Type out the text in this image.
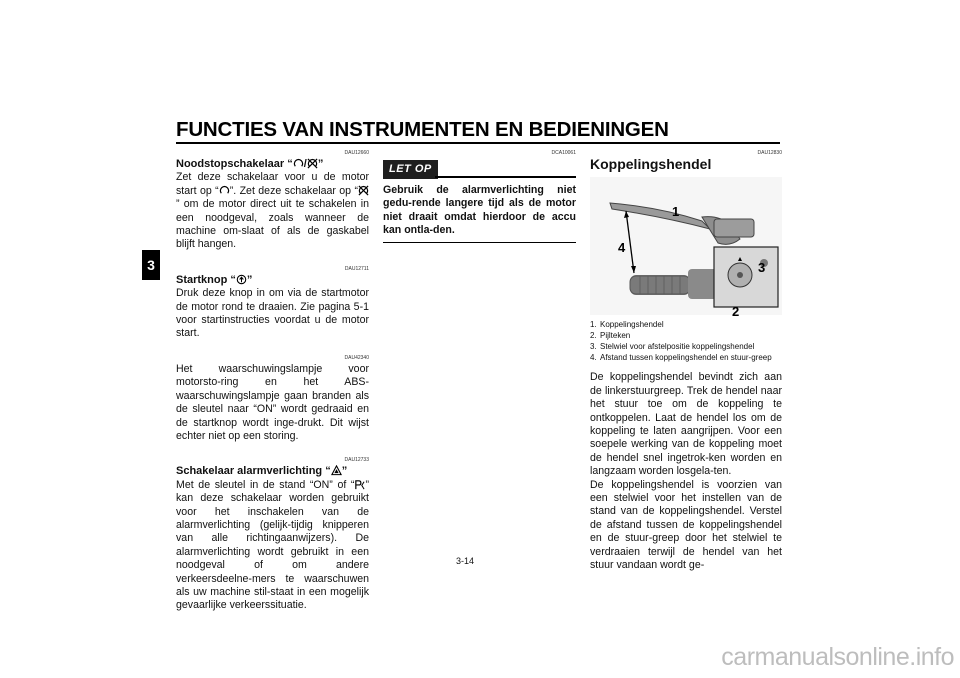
FUNCTIES VAN INSTRUMENTEN EN BEDIENINGEN
3
DAU12660
Noodstopschakelaar “ / ”
Zet deze schakelaar voor u de motor start op “ ”. Zet deze schakelaar op “” om de motor direct uit te schakelen in een noodgeval, zoals wanneer de machine om-slaat of als de gaskabel blijft hangen.
DAU12711
Startknop “ ”
Druk deze knop in om via de startmotor de motor rond te draaien. Zie pagina 5-1 voor startinstructies voordat u de motor start.
DAU42340
Het waarschuwingslampje voor motorsto-ring en het ABS-waarschuwingslampje gaan branden als de sleutel naar “ON” wordt gedraaid en de startknop wordt inge-drukt. Dit wijst echter niet op een storing.
DAU12733
Schakelaar alarmverlichting “ ”
Met de sleutel in de stand “ON” of “ ” kan deze schakelaar worden gebruikt voor het inschakelen van de alarmverlichting (gelijk-tijdig knipperen van alle richtingaanwijzers). De alarmverlichting wordt gebruikt in een noodgeval of om andere verkeersdeelne-mers te waarschuwen als uw machine stil-staat in een mogelijk gevaarlijke verkeerssituatie.
DCA10061
LET OP
Gebruik de alarmverlichting niet gedu-rende langere tijd als de motor niet draait omdat hierdoor de accu kan ontla-den.
DAU12830
Koppelingshendel
1
2
3
4
1. Koppelingshendel
2. Pijlteken
3. Stelwiel voor afstelpositie koppelingshendel
4. Afstand tussen koppelingshendel en stuur-greep
De koppelingshendel bevindt zich aan de linkerstuurgreep. Trek de hendel naar het stuur toe om de koppeling te ontkoppelen. Laat de hendel los om de koppeling te laten aangrijpen. Voor een soepele werking van de koppeling moet de hendel snel ingetrok-ken worden en langzaam worden losgela-ten.
De koppelingshendel is voorzien van een stelwiel voor het instellen van de stand van de koppelingshendel. Verstel de afstand tussen de koppelingshendel en de stuur-greep door het stelwiel te verdraaien terwijl de hendel van het stuur vandaan wordt ge-
3-14
carmanualsonline.info
